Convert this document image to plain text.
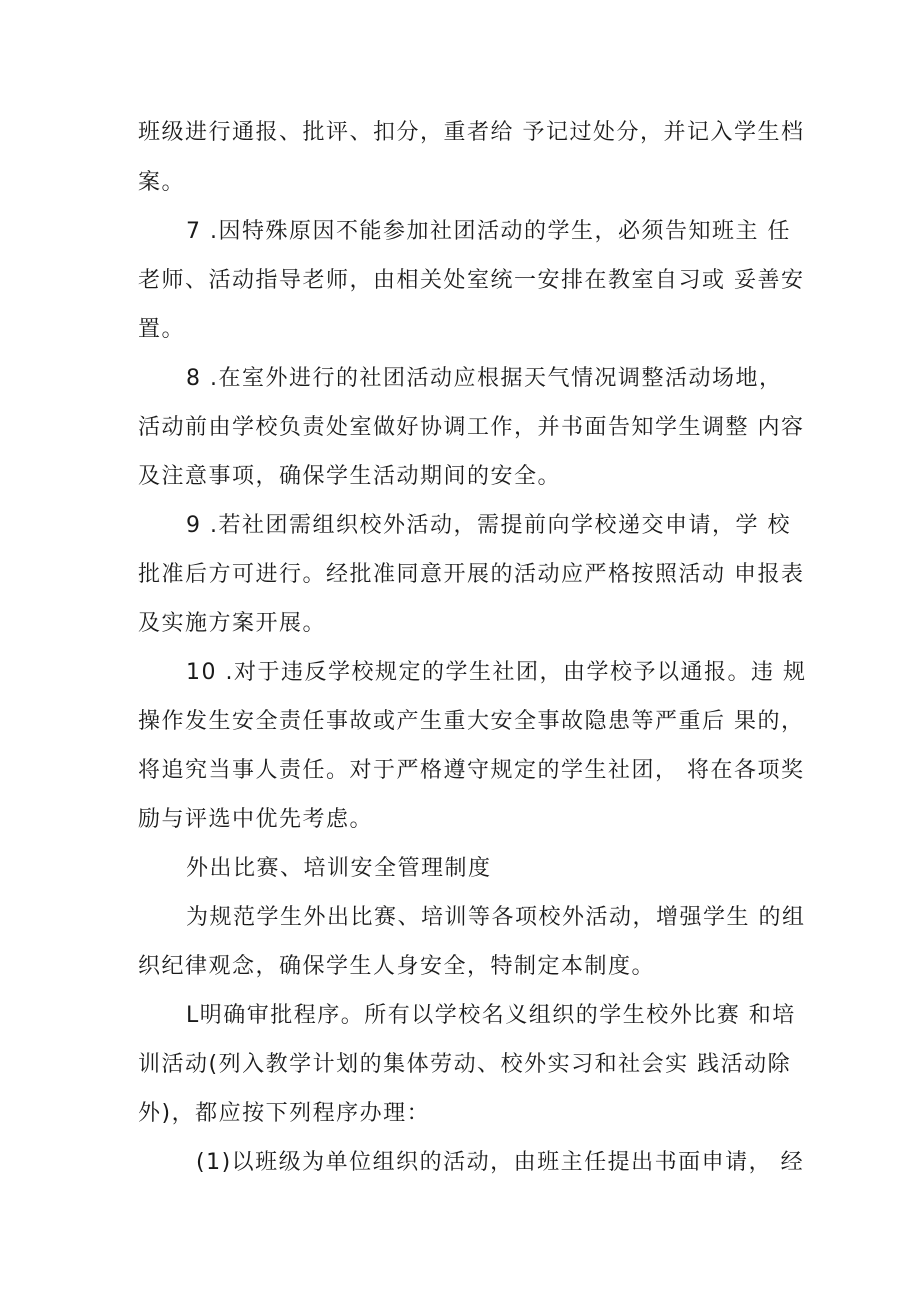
班级进行通报、批评、扣分，重者给 予记过处分，并记入学生档
案。
7 .因特殊原因不能参加社团活动的学生，必须告知班主 任
老师、活动指导老师，由相关处室统一安排在教室自习或 妥善安
置。
8 .在室外进行的社团活动应根据天气情况调整活动场地，
活动前由学校负责处室做好协调工作，并书面告知学生调整 内容
及注意事项，确保学生活动期间的安全。
9 .若社团需组织校外活动，需提前向学校递交申请，学 校
批准后方可进行。经批准同意开展的活动应严格按照活动 申报表
及实施方案开展。
10 .对于违反学校规定的学生社团，由学校予以通报。违 规
操作发生安全责任事故或产生重大安全事故隐患等严重后 果的，
将追究当事人责任。对于严格遵守规定的学生社团， 将在各项奖
励与评选中优先考虑。
外出比赛、培训安全管理制度
为规范学生外出比赛、培训等各项校外活动，增强学生 的组
织纪律观念，确保学生人身安全，特制定本制度。
L明确审批程序。所有以学校名义组织的学生校外比赛 和培
训活动(列入教学计划的集体劳动、校外实习和社会实 践活动除
外)，都应按下列程序办理：
(1)以班级为单位组织的活动，由班主任提出书面申请， 经
